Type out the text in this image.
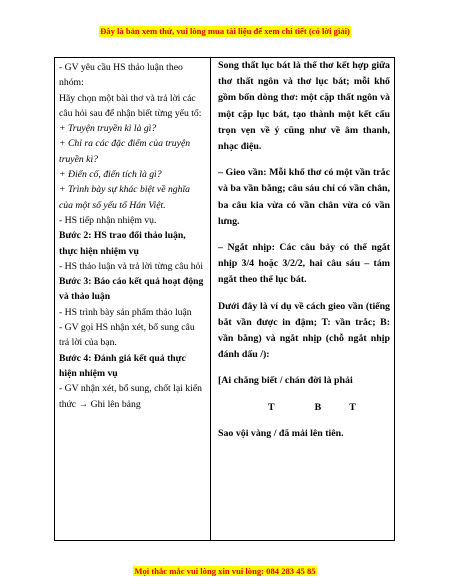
Đây là bản xem thử, vui lòng mua tài liệu để xem chi tiết (có lời giải)

- GV yêu cầu HS thảo luận theo nhóm:

Hãy chọn một bài thơ và trả lời các câu hỏi sau để nhận biết từng yếu tố:

+ Truyện truyền kì là gì?

+ Chỉ ra các đặc điểm của truyện truyền kì?

+ Điển cố, điển tích là gì?

+ Trình bày sự khác biệt về nghĩa của một số yếu tố Hán Việt.

- HS tiếp nhận nhiệm vụ.

Bước 2: HS trao đổi thảo luận, thực hiện nhiệm vụ

- HS thảo luận và trả lời từng câu hỏi

Bước 3: Báo cáo kết quả hoạt động và thảo luận

- HS trình bày sản phẩm thảo luận

- GV gọi HS nhận xét, bổ sung câu trả lời của bạn.

Bước 4: Đánh giá kết quả thực hiện nhiệm vụ

- GV nhận xét, bổ sung, chốt lại kiến thức → Ghi lên bảng

Song thất lục bát là thể thơ kết hợp giữa thơ thất ngôn và thơ lục bát; mỗi khổ gồm bốn dòng thơ: một cặp thất ngôn và một cặp lục bát, tạo thành một kết cấu trọn vẹn về ý cũng như về âm thanh, nhạc điệu.

– Gieo vần: Mỗi khổ thơ có một vần trắc và ba vần bằng; câu sáu chỉ có vần chân, ba câu kia vừa có vần chân vừa có vần lưng.

– Ngắt nhịp: Các câu bảy có thể ngắt nhịp 3/4 hoặc 3/2/2, hai câu sáu – tám ngắt theo thể lục bát.

Dưới đây là ví dụ về cách gieo vần (tiếng bắt vần được in đậm; T: vần trắc; B: vần bằng) và ngắt nhịp (chỗ ngắt nhịp đánh dấu /):

[Ai chẳng biết / chán đời là phải

T	B	T

Sao vội vàng / đã mải lên tiên.

Mọi thắc mắc vui lòng xin vui lòng: 084 283 45 85
